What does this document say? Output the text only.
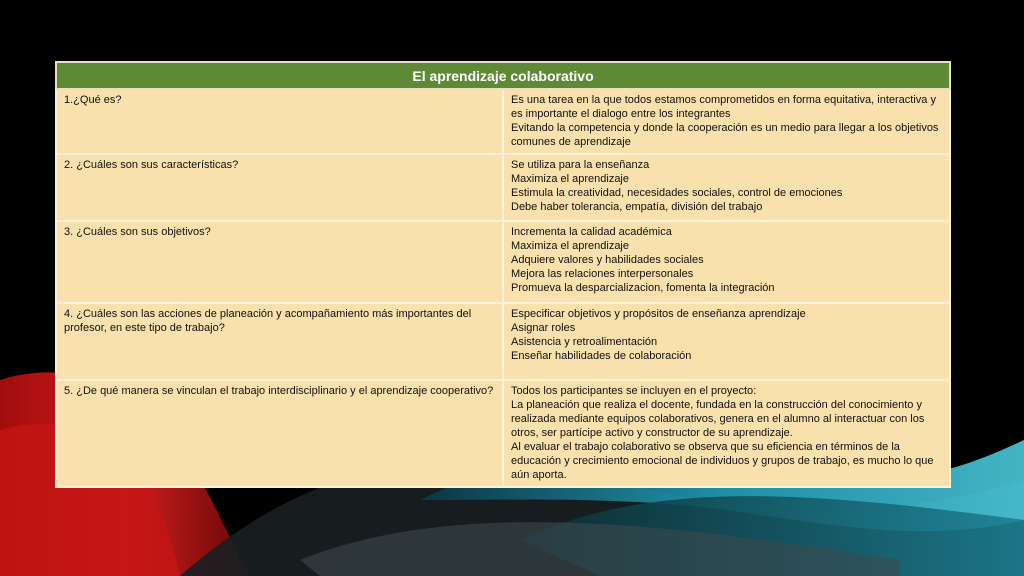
El aprendizaje colaborativo	
1.¿Qué es?	Es una tarea en la que todos estamos comprometidos en forma equitativa, interactiva y es importante el dialogo entre los integrantes
Evitando la competencia y donde la cooperación es un medio para llegar a los objetivos comunes de aprendizaje

2. ¿Cuáles son sus características?	Se utiliza para la enseñanza
Maximiza el aprendizaje
Estimula la creatividad, necesidades sociales, control de emociones
Debe haber tolerancia, empatía, división del trabajo

3. ¿Cuáles son sus objetivos?	Incrementa la calidad académica
Maximiza el aprendizaje
Adquiere valores y habilidades sociales
Mejora las relaciones interpersonales
Promueva la desparcializacion, fomenta la integración

4. ¿Cuáles son las acciones de planeación y acompañamiento más importantes del profesor, en este tipo de trabajo?	Especificar objetivos y propósitos de enseñanza aprendizaje
Asignar roles
Asistencia y retroalimentación
Enseñar habilidades de colaboración

5. ¿De qué manera se vinculan el trabajo interdisciplinario y el aprendizaje cooperativo?	Todos los participantes se incluyen en el proyecto:
La planeación que realiza el docente, fundada en la construcción del conocimiento y realizada mediante equipos colaborativos, genera en el alumno al interactuar con los otros, ser partícipe activo y constructor de su aprendizaje.
Al evaluar el trabajo colaborativo se observa que su eficiencia en términos de la educación y crecimiento emocional de individuos y grupos de trabajo, es mucho lo que aún aporta.
